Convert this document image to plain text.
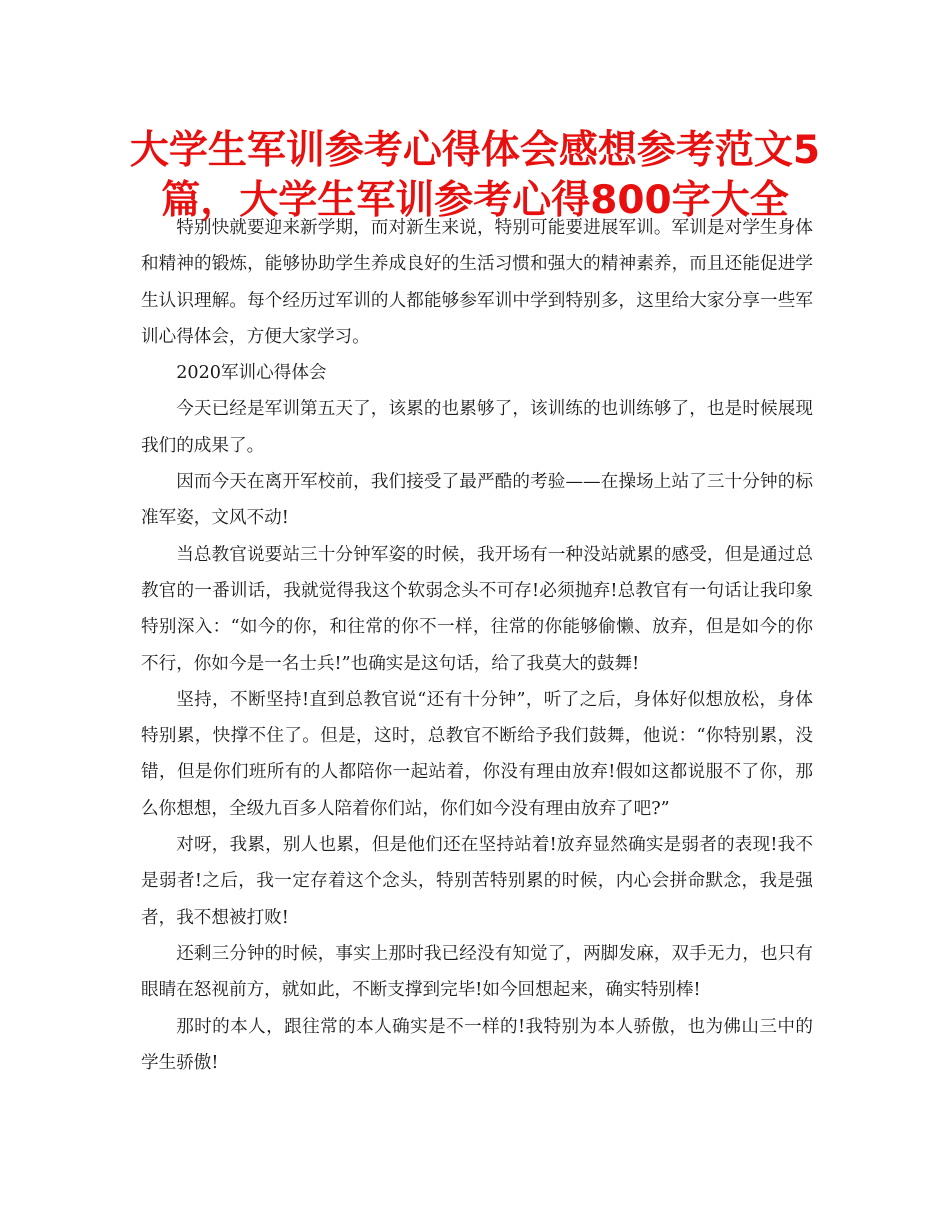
大学生军训参考心得体会感想参考范文5篇，大学生军训参考心得800字大全

特别快就要迎来新学期，而对新生来说，特别可能要进展军训。军训是对学生身体和精神的锻炼，能够协助学生养成良好的生活习惯和强大的精神素养，而且还能促进学生认识理解。每个经历过军训的人都能够参军训中学到特别多，这里给大家分享一些军训心得体会，方便大家学习。

2020军训心得体会

今天已经是军训第五天了，该累的也累够了，该训练的也训练够了，也是时候展现我们的成果了。

因而今天在离开军校前，我们接受了最严酷的考验——在操场上站了三十分钟的标准军姿，文风不动!

当总教官说要站三十分钟军姿的时候，我开场有一种没站就累的感受，但是通过总教官的一番训话，我就觉得我这个软弱念头不可存!必须抛弃!总教官有一句话让我印象特别深入：“如今的你，和往常的你不一样，往常的你能够偷懒、放弃，但是如今的你不行，你如今是一名士兵!”也确实是这句话，给了我莫大的鼓舞!

坚持，不断坚持!直到总教官说“还有十分钟”，听了之后，身体好似想放松，身体特别累，快撑不住了。但是，这时，总教官不断给予我们鼓舞，他说：“你特别累，没错，但是你们班所有的人都陪你一起站着，你没有理由放弃!假如这都说服不了你，那么你想想，全级九百多人陪着你们站，你们如今没有理由放弃了吧?”

对呀，我累，别人也累，但是他们还在坚持站着!放弃显然确实是弱者的表现!我不是弱者!之后，我一定存着这个念头，特别苦特别累的时候，内心会拼命默念，我是强者，我不想被打败!

还剩三分钟的时候，事实上那时我已经没有知觉了，两脚发麻，双手无力，也只有眼睛在怒视前方，就如此，不断支撑到完毕!如今回想起来，确实特别棒!

那时的本人，跟往常的本人确实是不一样的!我特别为本人骄傲，也为佛山三中的学生骄傲!
